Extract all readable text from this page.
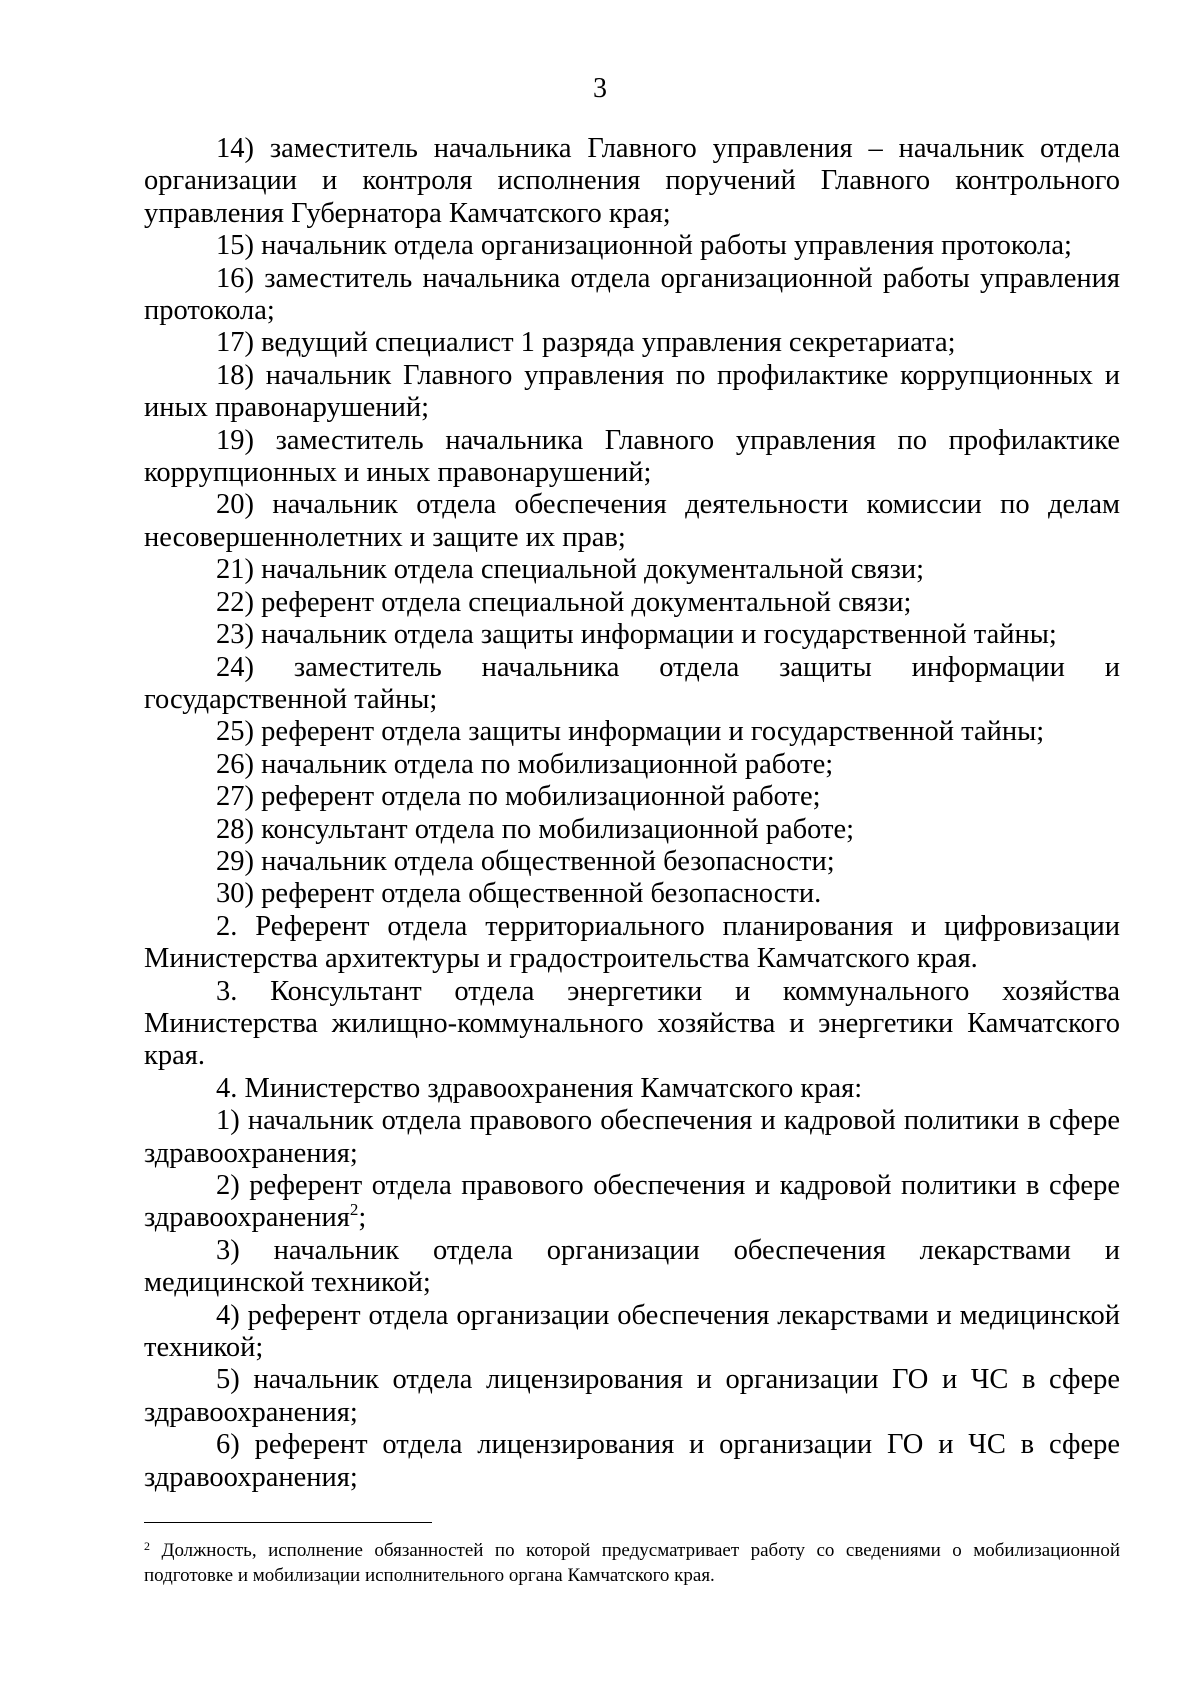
3

14) заместитель начальника Главного управления – начальник отдела организации и контроля исполнения поручений Главного контрольного управления Губернатора Камчатского края;

15) начальник отдела организационной работы управления протокола;

16) заместитель начальника отдела организационной работы управления протокола;

17) ведущий специалист 1 разряда управления секретариата;

18) начальник Главного управления по профилактике коррупционных и иных правонарушений;

19) заместитель начальника Главного управления по профилактике коррупционных и иных правонарушений;

20) начальник отдела обеспечения деятельности комиссии по делам несовершеннолетних и защите их прав;

21) начальник отдела специальной документальной связи;

22) референт отдела специальной документальной связи;

23) начальник отдела защиты информации и государственной тайны;

24) заместитель начальника отдела защиты информации и государственной тайны;

25) референт отдела защиты информации и государственной тайны;

26) начальник отдела по мобилизационной работе;

27) референт отдела по мобилизационной работе;

28) консультант отдела по мобилизационной работе;

29) начальник отдела общественной безопасности;

30) референт отдела общественной безопасности.

2. Референт отдела территориального планирования и цифровизации Министерства архитектуры и градостроительства Камчатского края.

3. Консультант отдела энергетики и коммунального хозяйства Министерства жилищно-коммунального хозяйства и энергетики Камчатского края.

4. Министерство здравоохранения Камчатского края:

1) начальник отдела правового обеспечения и кадровой политики в сфере здравоохранения;

2) референт отдела правового обеспечения и кадровой политики в сфере здравоохранения$^2$;

3) начальник отдела организации обеспечения лекарствами и медицинской техникой;

4) референт отдела организации обеспечения лекарствами и медицинской техникой;

5) начальник отдела лицензирования и организации ГО и ЧС в сфере здравоохранения;

6) референт отдела лицензирования и организации ГО и ЧС в сфере здравоохранения;

$^2$ Должность, исполнение обязанностей по которой предусматривает работу со сведениями о мобилизационной подготовке и мобилизации исполнительного органа Камчатского края.
